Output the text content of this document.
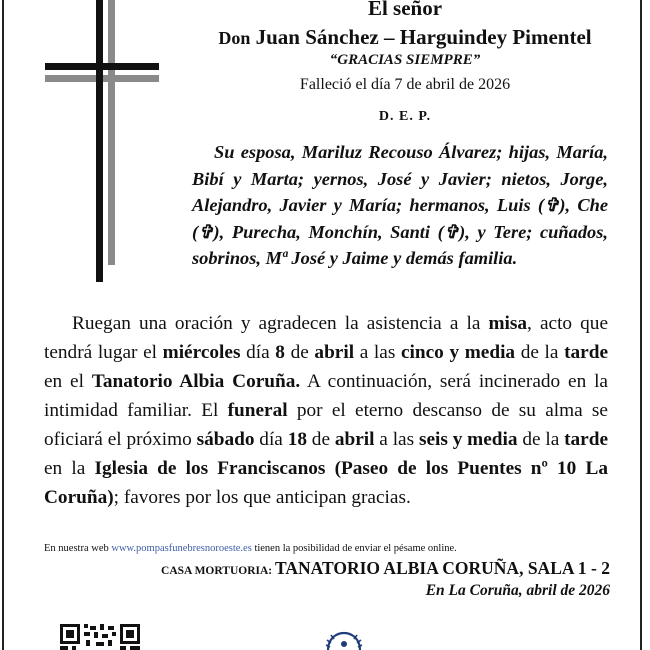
El señor
Don Juan Sánchez – Harguindey Pimentel
“GRACIAS SIEMPRE”
Falleció el día 7 de abril de 2026
D. E. P.
Su esposa, Mariluz Recouso Álvarez; hijas, María, Bibí y Marta; yernos, José y Javier; nietos, Jorge, Alejandro, Javier y María; hermanos, Luis (✞), Che (✞), Purecha, Monchín, Santi (✞), y Tere; cuñados, sobrinos, Mª José y Jaime y demás familia.
Ruegan una oración y agradecen la asistencia a la misa, acto que tendrá lugar el miércoles día 8 de abril a las cinco y media de la tarde en el Tanatorio Albia Coruña. A continuación, será incinerado en la intimidad familiar. El funeral por el eterno descanso de su alma se oficiará el próximo sábado día 18 de abril a las seis y media de la tarde en la Iglesia de los Franciscanos (Paseo de los Puentes nº 10 La Coruña); favores por los que anticipan gracias.
En nuestra web www.pompasfunebresnoroeste.es tienen la posibilidad de enviar el pésame online.
CASA MORTUORIA: TANATORIO ALBIA CORUÑA, SALA 1 - 2
En La Coruña, abril de 2026
